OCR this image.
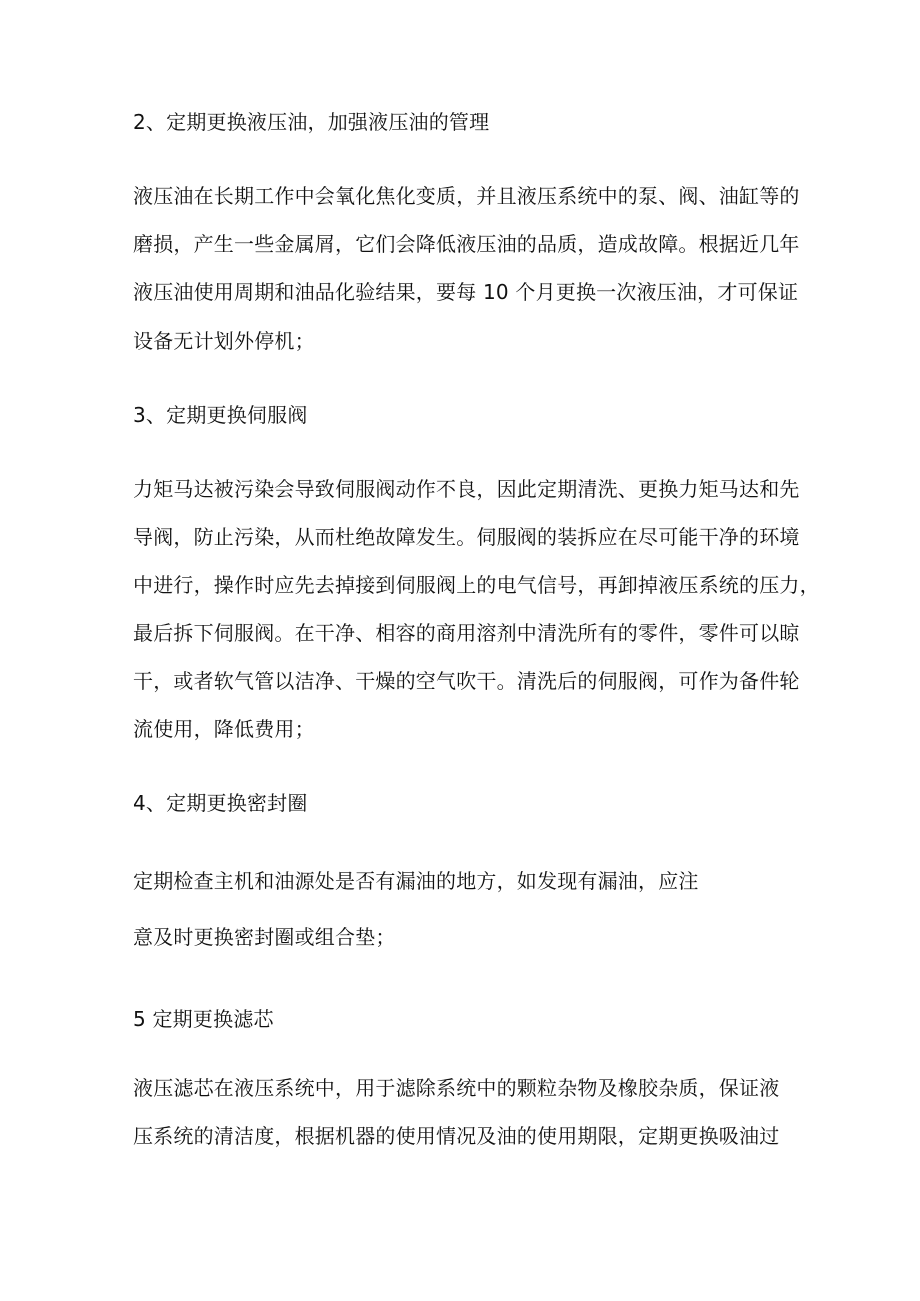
2、定期更换液压油，加强液压油的管理
液压油在长期工作中会氧化焦化变质，并且液压系统中的泵、阀、油缸等的
磨损，产生一些金属屑，它们会降低液压油的品质，造成故障。根据近几年
液压油使用周期和油品化验结果，要每 10 个月更换一次液压油，才可保证
设备无计划外停机；
3、定期更换伺服阀
力矩马达被污染会导致伺服阀动作不良，因此定期清洗、更换力矩马达和先
导阀，防止污染，从而杜绝故障发生。伺服阀的装拆应在尽可能干净的环境
中进行，操作时应先去掉接到伺服阀上的电气信号，再卸掉液压系统的压力，
最后拆下伺服阀。在干净、相容的商用溶剂中清洗所有的零件，零件可以晾
干，或者软气管以洁净、干燥的空气吹干。清洗后的伺服阀，可作为备件轮
流使用，降低费用；
4、定期更换密封圈
定期检查主机和油源处是否有漏油的地方，如发现有漏油，应注
意及时更换密封圈或组合垫；
5 定期更换滤芯
液压滤芯在液压系统中，用于滤除系统中的颗粒杂物及橡胶杂质，保证液
压系统的清洁度，根据机器的使用情况及油的使用期限，定期更换吸油过
